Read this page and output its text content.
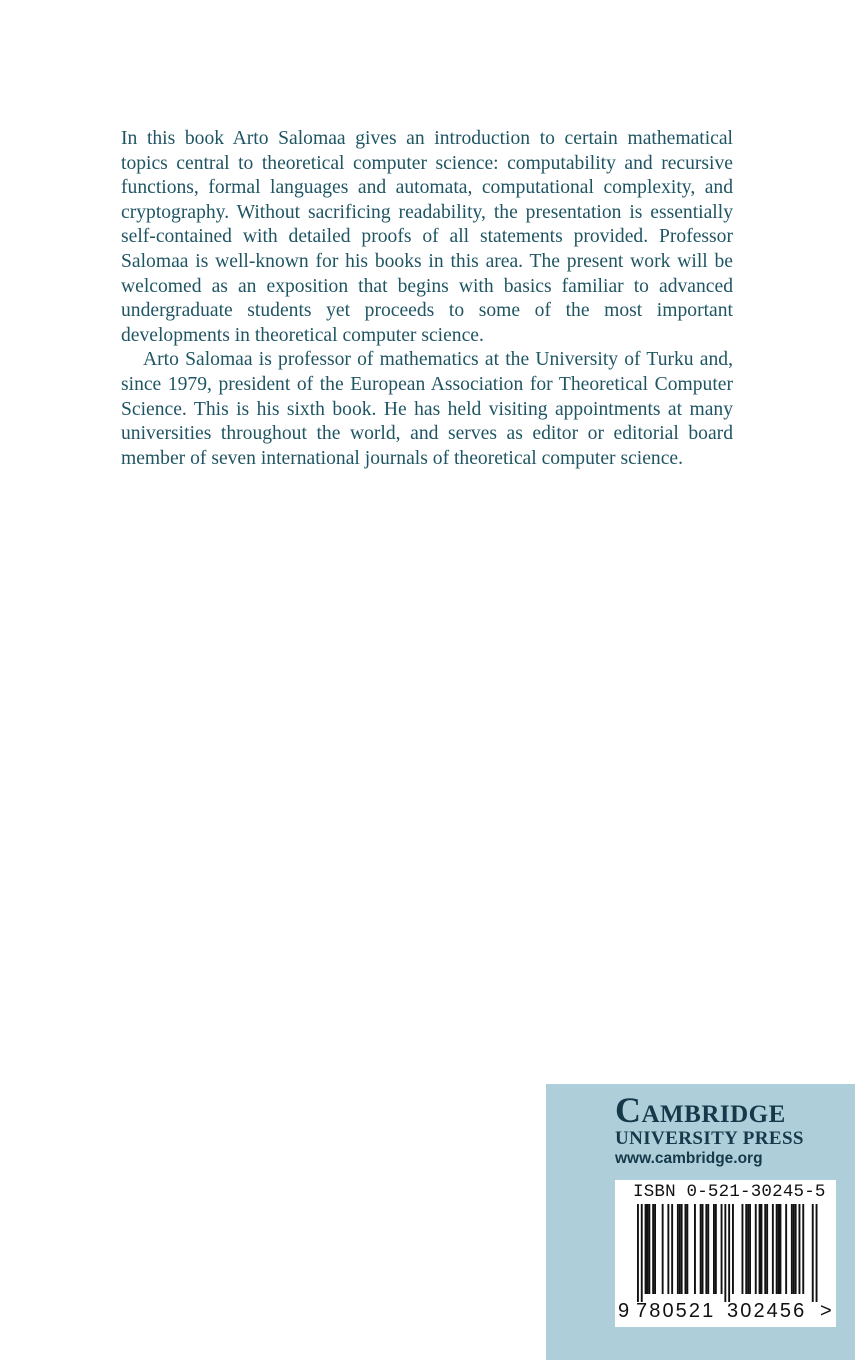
In this book Arto Salomaa gives an introduction to certain mathematical topics central to theoretical computer science: computability and recursive functions, formal languages and automata, computational complexity, and cryptography. Without sacrificing readability, the presentation is essentially self-contained with detailed proofs of all statements provided. Professor Salomaa is well-known for his books in this area. The present work will be welcomed as an exposition that begins with basics familiar to advanced undergraduate students yet proceeds to some of the most important developments in theoretical computer science.

Arto Salomaa is professor of mathematics at the University of Turku and, since 1979, president of the European Association for Theoretical Computer Science. This is his sixth book. He has held visiting appointments at many universities throughout the world, and serves as editor or editorial board member of seven international journals of theoretical computer science.

Cambridge
UNIVERSITY PRESS
www.cambridge.org
ISBN 0-521-30245-5
9 780521 302456 >
